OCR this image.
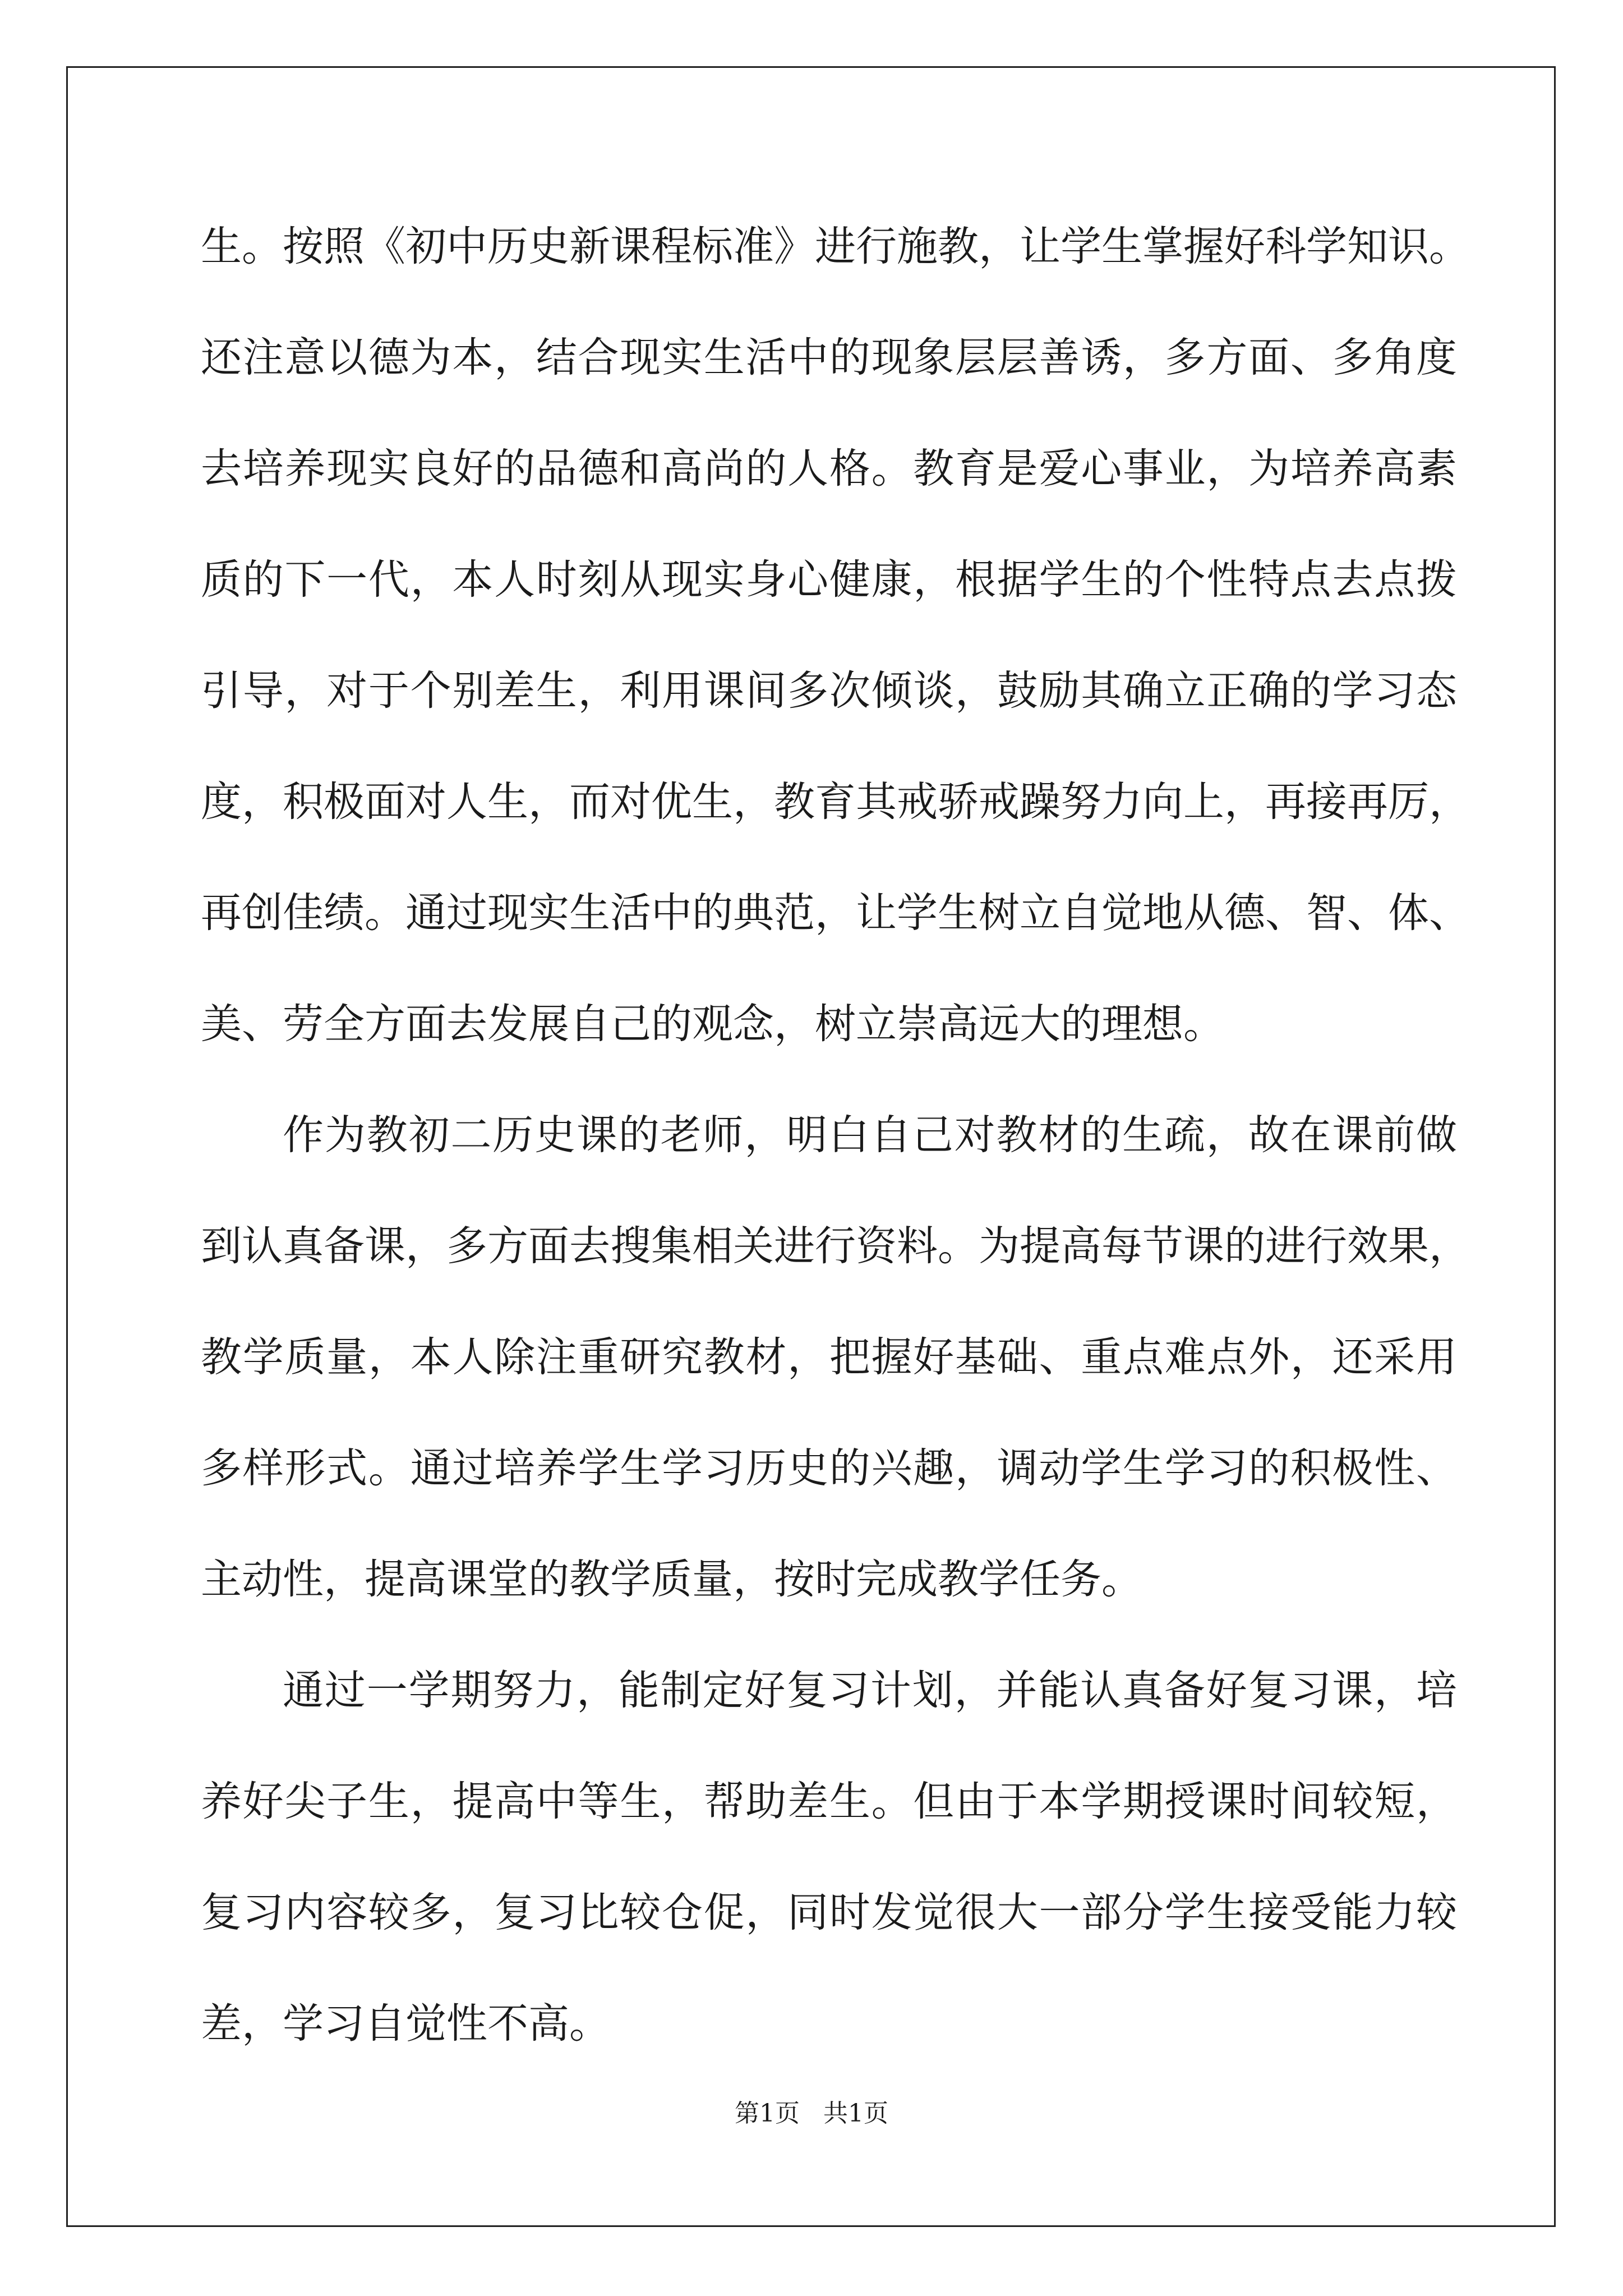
生。按照《初中历史新课程标准》进行施教，让学生掌握好科学知识。
还注意以德为本，结合现实生活中的现象层层善诱，多方面、多角度
去培养现实良好的品德和高尚的人格。教育是爱心事业，为培养高素
质的下一代，本人时刻从现实身心健康，根据学生的个性特点去点拨
引导，对于个别差生，利用课间多次倾谈，鼓励其确立正确的学习态
度，积极面对人生，而对优生，教育其戒骄戒躁努力向上，再接再厉，
再创佳绩。通过现实生活中的典范，让学生树立自觉地从德、智、体、
美、劳全方面去发展自己的观念，树立崇高远大的理想。
作为教初二历史课的老师，明白自己对教材的生疏，故在课前做
到认真备课，多方面去搜集相关进行资料。为提高每节课的进行效果，
教学质量，本人除注重研究教材，把握好基础、重点难点外，还采用
多样形式。通过培养学生学习历史的兴趣，调动学生学习的积极性、
主动性，提高课堂的教学质量，按时完成教学任务。
通过一学期努力，能制定好复习计划，并能认真备好复习课，培
养好尖子生，提高中等生，帮助差生。但由于本学期授课时间较短，
复习内容较多，复习比较仓促，同时发觉很大一部分学生接受能力较
差，学习自觉性不高。
第1页   共1页
